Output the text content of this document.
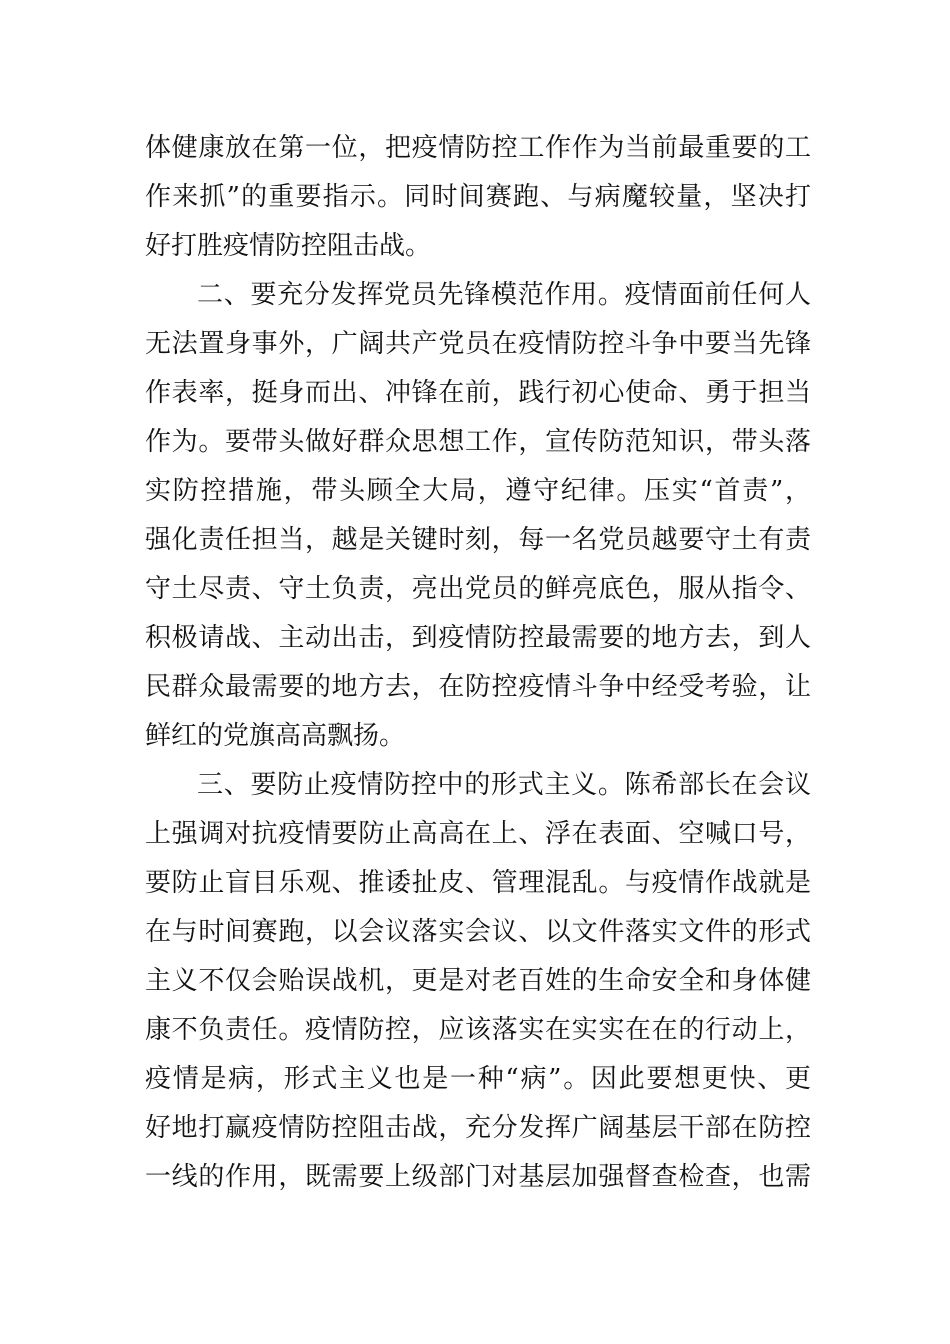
体健康放在第一位，把疫情防控工作作为当前最重要的工
作来抓”的重要指示。同时间赛跑、与病魔较量，坚决打
好打胜疫情防控阻击战。
二、要充分发挥党员先锋模范作用。疫情面前任何人
无法置身事外，广阔共产党员在疫情防控斗争中要当先锋
作表率，挺身而出、冲锋在前，践行初心使命、勇于担当
作为。要带头做好群众思想工作，宣传防范知识，带头落
实防控措施，带头顾全大局，遵守纪律。压实“首责”，
强化责任担当，越是关键时刻，每一名党员越要守土有责
守土尽责、守土负责，亮出党员的鲜亮底色，服从指令、
积极请战、主动出击，到疫情防控最需要的地方去，到人
民群众最需要的地方去，在防控疫情斗争中经受考验，让
鲜红的党旗高高飘扬。
三、要防止疫情防控中的形式主义。陈希部长在会议
上强调对抗疫情要防止高高在上、浮在表面、空喊口号，
要防止盲目乐观、推诿扯皮、管理混乱。与疫情作战就是
在与时间赛跑，以会议落实会议、以文件落实文件的形式
主义不仅会贻误战机，更是对老百姓的生命安全和身体健
康不负责任。疫情防控，应该落实在实实在在的行动上，
疫情是病，形式主义也是一种“病”。因此要想更快、更
好地打赢疫情防控阻击战，充分发挥广阔基层干部在防控
一线的作用，既需要上级部门对基层加强督查检查，也需
